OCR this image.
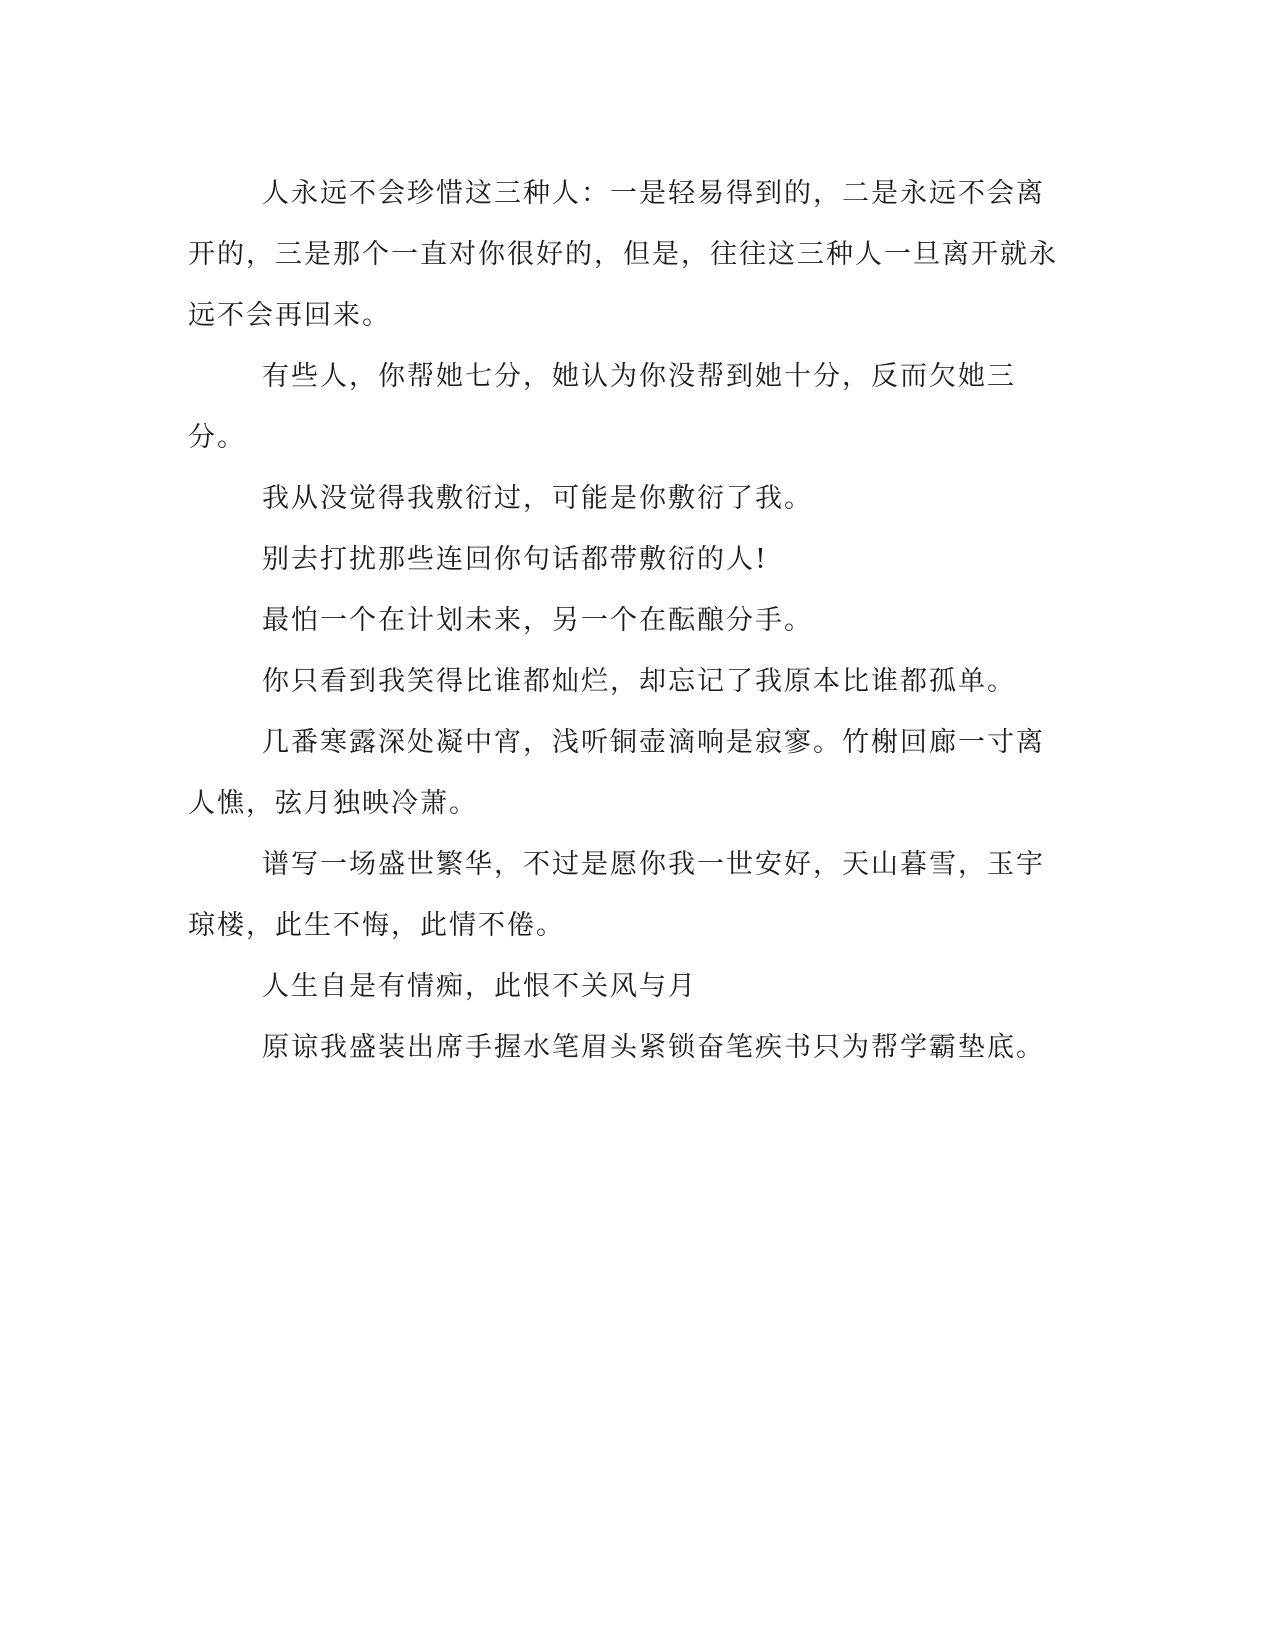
人永远不会珍惜这三种人：一是轻易得到的，二是永远不会离开的，三是那个一直对你很好的，但是，往往这三种人一旦离开就永远不会再回来。

有些人，你帮她七分，她认为你没帮到她十分，反而欠她三分。

我从没觉得我敷衍过，可能是你敷衍了我。

别去打扰那些连回你句话都带敷衍的人!

最怕一个在计划未来，另一个在酝酿分手。

你只看到我笑得比谁都灿烂，却忘记了我原本比谁都孤单。

几番寒露深处凝中宵，浅听铜壶滴响是寂寥。竹榭回廊一寸离人憔，弦月独映冷萧。

谱写一场盛世繁华，不过是愿你我一世安好，天山暮雪，玉宇琼楼，此生不悔，此情不倦。

人生自是有情痴，此恨不关风与月

原谅我盛装出席手握水笔眉头紧锁奋笔疾书只为帮学霸垫底。
